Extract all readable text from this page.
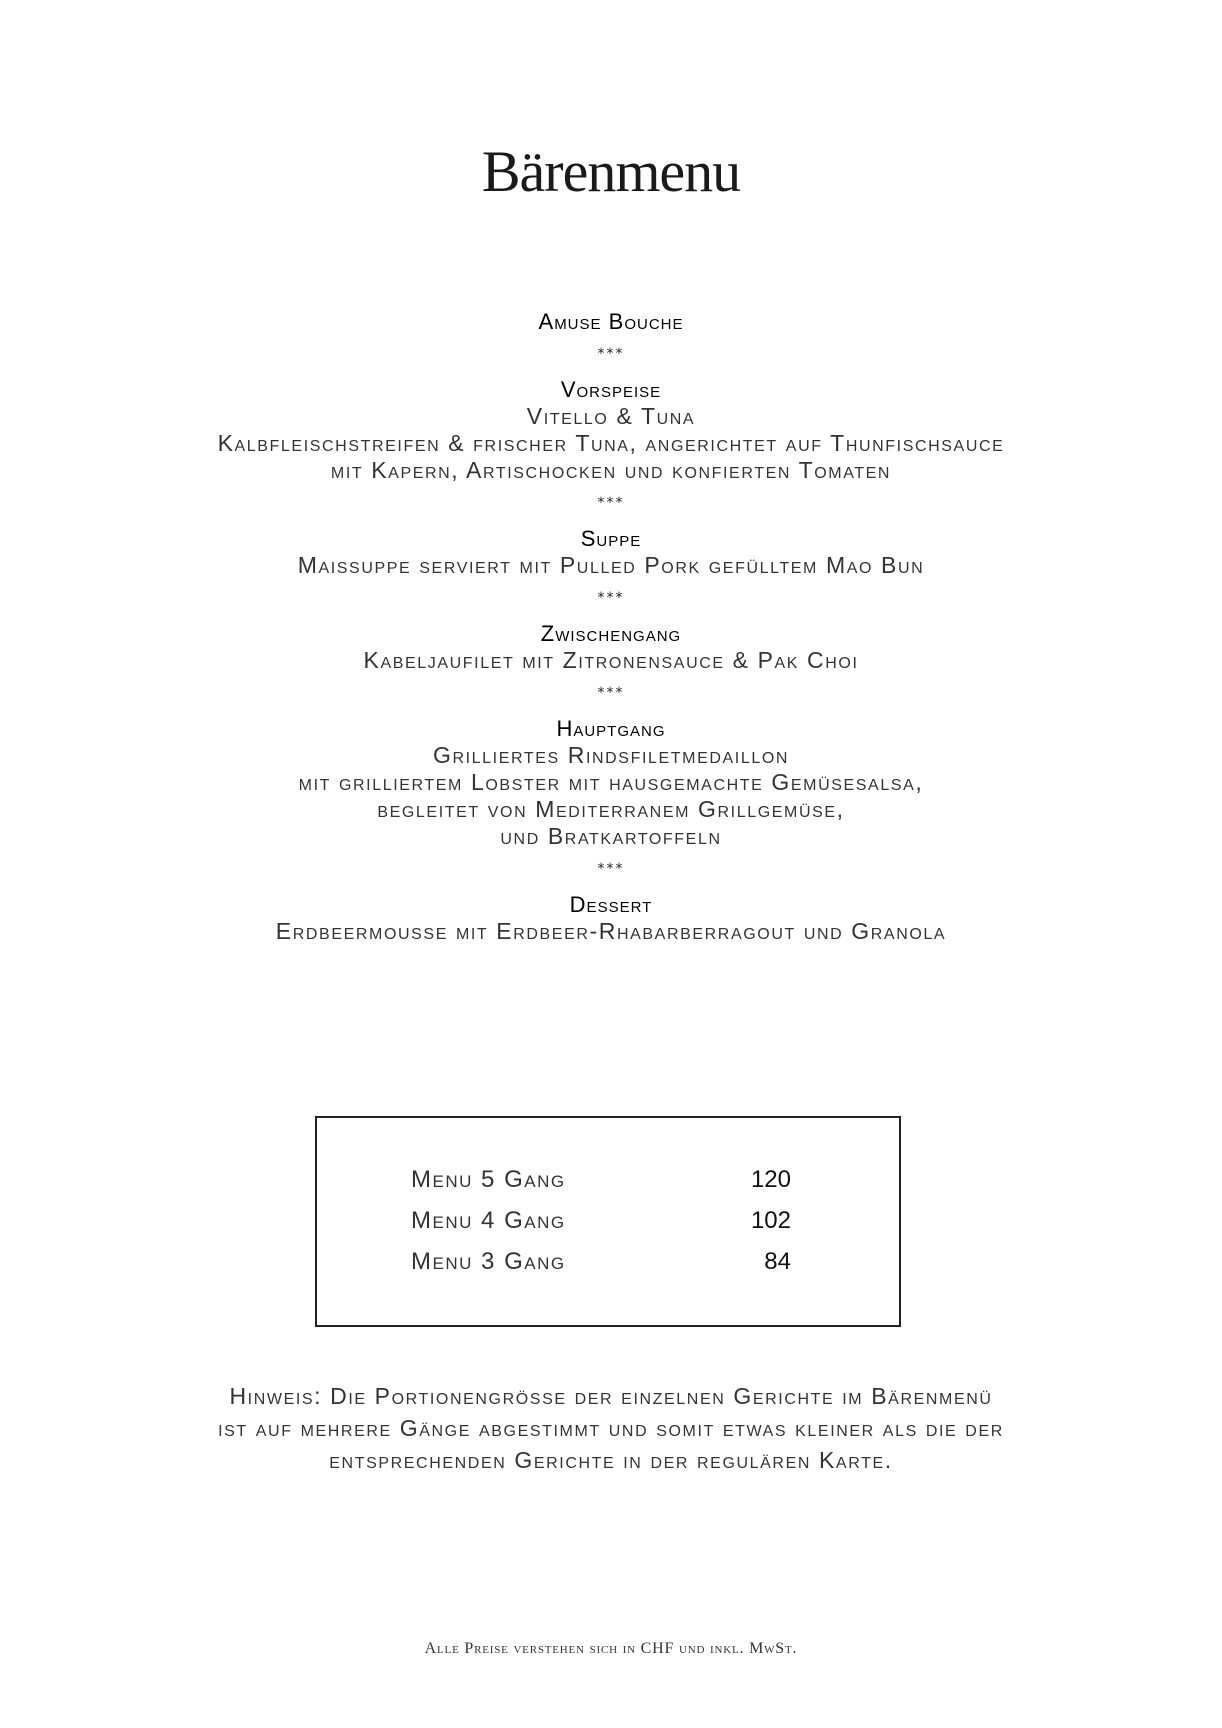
Bärenmenu
Amuse Bouche
***
Vorspeise
Vitello & Tuna
Kalbfleischstreifen & frischer Tuna, angerichtet auf Thunfischsauce
mit Kapern, Artischocken und konfierten Tomaten
***
Suppe
Maissuppe serviert mit Pulled Pork gefülltem Mao Bun
***
Zwischengang
Kabeljaufilet mit Zitronensauce & Pak Choi
***
Hauptgang
Grilliertes Rindsfiletmedaillon
mit grilliertem Lobster mit hausgemachte Gemüsesalsa,
begleitet von Mediterranem Grillgemüse,
und Bratkartoffeln
***
Dessert
Erdbeermousse mit Erdbeer-Rhabarberragout und Granola
Menu 5 Gang	120
Menu 4 Gang	102
Menu 3 Gang	84
Hinweis: Die Portionengrösse der einzelnen Gerichte im Bärenmenü
ist auf mehrere Gänge abgestimmt und somit etwas kleiner als die der
entsprechenden Gerichte in der regulären Karte.
Alle Preise verstehen sich in CHF und inkl. MwSt.
